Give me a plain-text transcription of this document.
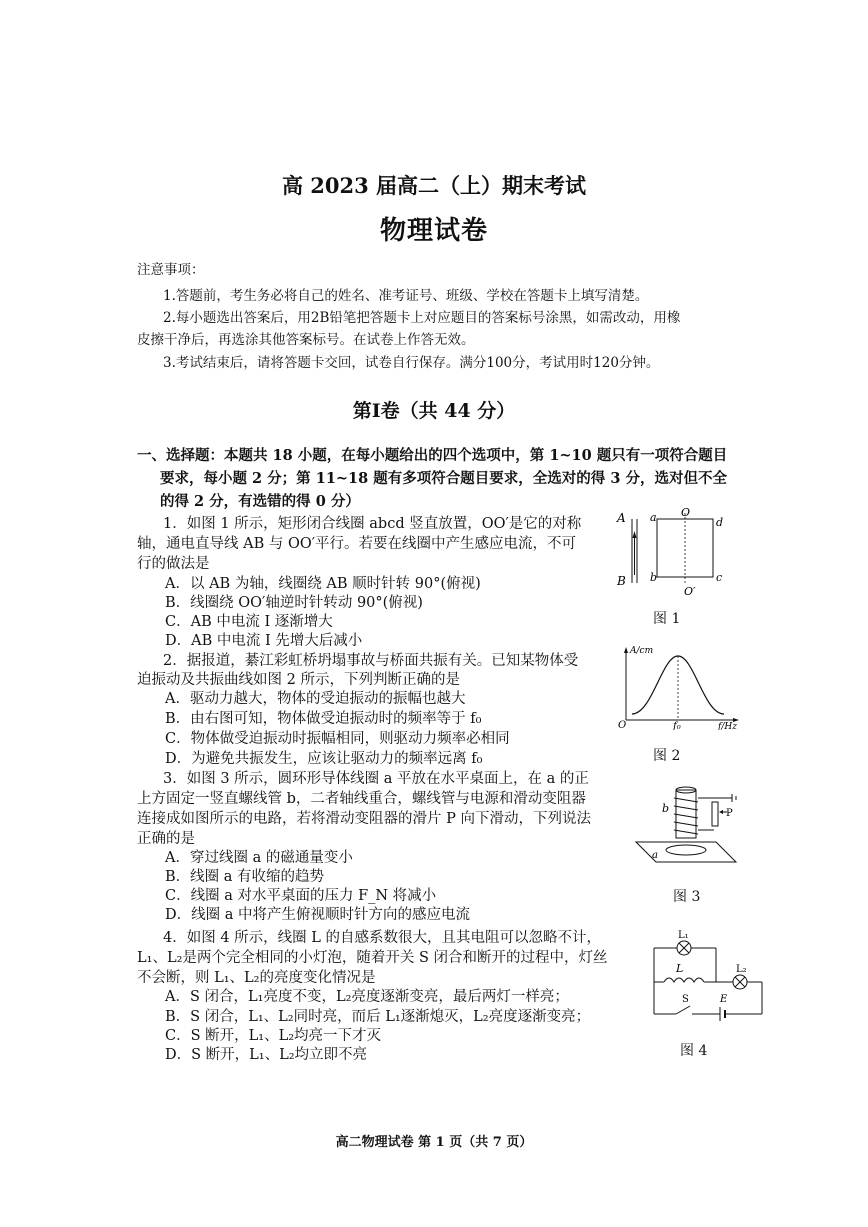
高 2023 届高二（上）期末考试
物理试卷
注意事项：
1.答题前，考生务必将自己的姓名、准考证号、班级、学校在答题卡上填写清楚。
2.每小题选出答案后，用2B铅笔把答题卡上对应题目的答案标号涂黑，如需改动，用橡
皮擦干净后，再选涂其他答案标号。在试卷上作答无效。
3.考试结束后，请将答题卡交回，试卷自行保存。满分100分，考试用时120分钟。
第Ⅰ卷（共 44 分）
一、选择题：本题共 18 小题，在每小题给出的四个选项中，第 1~10 题只有一项符合题目
要求，每小题 2 分；第 11~18 题有多项符合题目要求，全选对的得 3 分，选对但不全
的得 2 分，有选错的得 0 分）
1．如图 1 所示，矩形闭合线圈 abcd 竖直放置，OO′是它的对称
轴，通电直导线 AB 与 OO′平行。若要在线圈中产生感应电流，不可
行的做法是
A．以 AB 为轴，线圈绕 AB 顺时针转 90°(俯视)
B．线圈绕 OO′轴逆时针转动 90°(俯视)
C．AB 中电流 I 逐渐增大
D．AB 中电流 I 先增大后减小
A
B
a
b	c
d
O
O′
图 1
2．据报道，綦江彩虹桥坍塌事故与桥面共振有关。已知某物体受
迫振动及共振曲线如图 2 所示，下列判断正确的是
A．驱动力越大，物体的受迫振动的振幅也越大
B．由右图可知，物体做受迫振动时的频率等于 f₀
C．物体做受迫振动时振幅相同，则驱动力频率必相同
D．为避免共振发生，应该让驱动力的频率远离 f₀
A/cm
O	f₀	f/Hz
图 2
3．如图 3 所示，圆环形导体线圈 a 平放在水平桌面上，在 a 的正
上方固定一竖直螺线管 b，二者轴线重合，螺线管与电源和滑动变阻器
连接成如图所示的电路，若将滑动变阻器的滑片 P 向下滑动，下列说法
正确的是
A．穿过线圈 a 的磁通量变小
B．线圈 a 有收缩的趋势
C．线圈 a 对水平桌面的压力 F_N 将减小
D．线圈 a 中将产生俯视顺时针方向的感应电流
b	P
a
图 3
4．如图 4 所示，线圈 L 的自感系数很大，且其电阻可以忽略不计，
L₁、L₂是两个完全相同的小灯泡，随着开关 S 闭合和断开的过程中，灯丝
不会断，则 L₁、L₂的亮度变化情况是
A．S 闭合，L₁亮度不变，L₂亮度逐渐变亮，最后两灯一样亮；
B．S 闭合，L₁、L₂同时亮，而后 L₁逐渐熄灭，L₂亮度逐渐变亮；
C．S 断开，L₁、L₂均亮一下才灭
D．S 断开，L₁、L₂均立即不亮
L₁
L	L₂
S	E
图 4
高二物理试卷 第 1 页（共 7 页）
